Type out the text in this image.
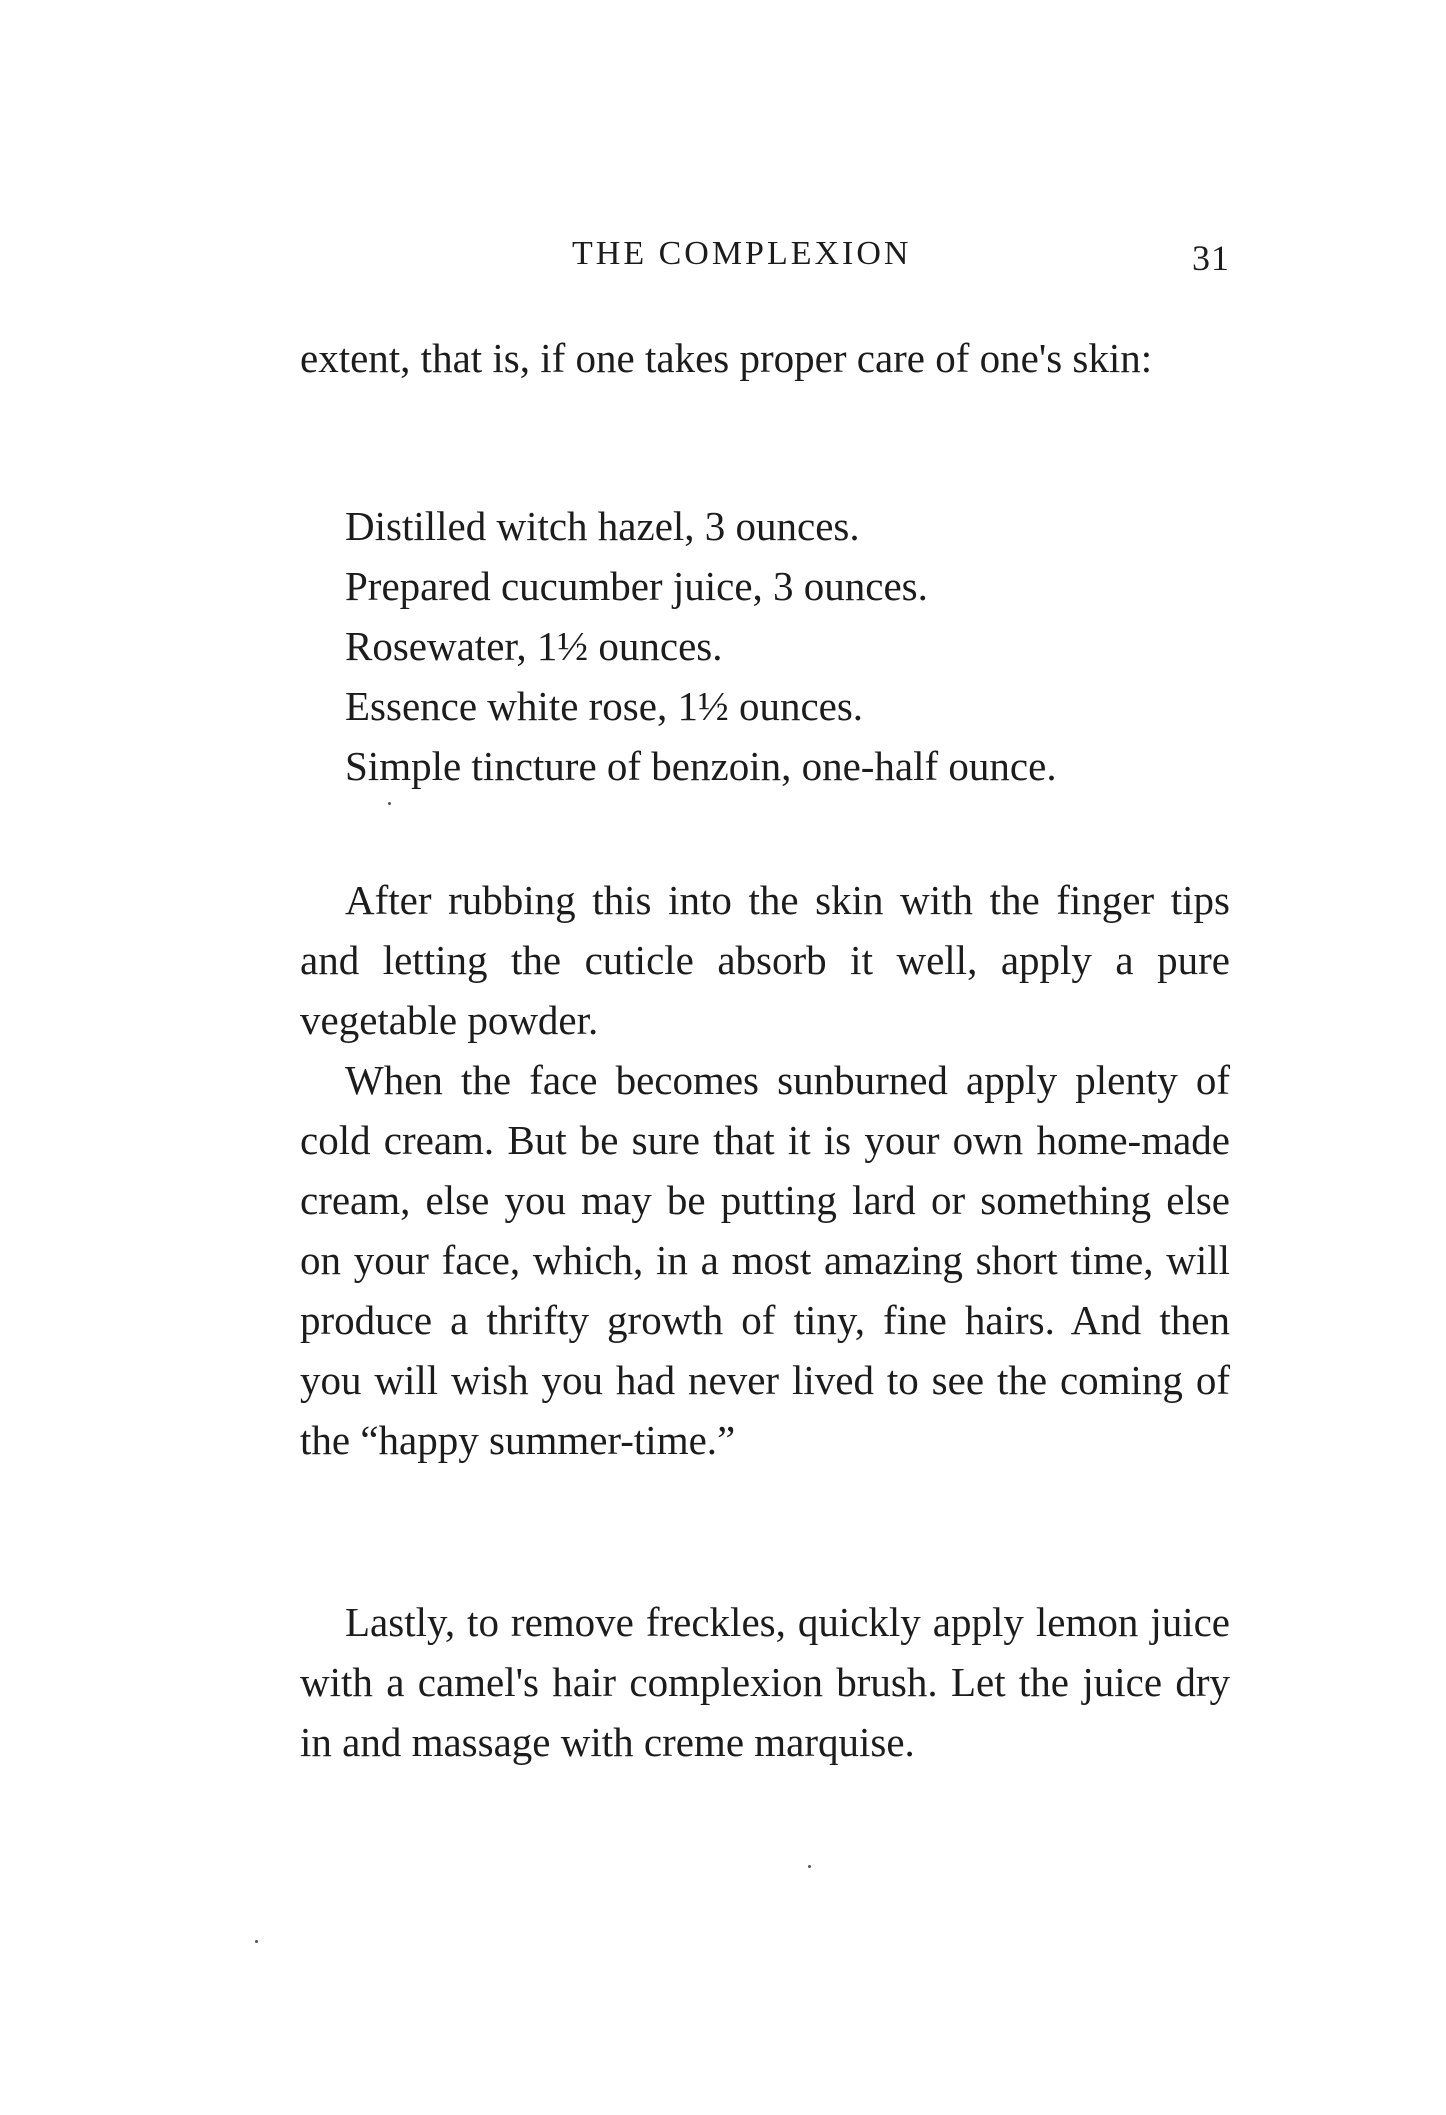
THE COMPLEXION	31

extent, that is, if one takes proper care of one's skin:

Distilled witch hazel, 3 ounces.
Prepared cucumber juice, 3 ounces.
Rosewater, 1½ ounces.
Essence white rose, 1½ ounces.
Simple tincture of benzoin, one-half ounce.

After rubbing this into the skin with the finger tips and letting the cuticle absorb it well, apply a pure vegetable powder.

When the face becomes sunburned apply plenty of cold cream. But be sure that it is your own home-made cream, else you may be putting lard or something else on your face, which, in a most amazing short time, will produce a thrifty growth of tiny, fine hairs. And then you will wish you had never lived to see the coming of the “happy summer-time.”

Lastly, to remove freckles, quickly apply lemon juice with a camel's hair complexion brush. Let the juice dry in and massage with creme marquise.
